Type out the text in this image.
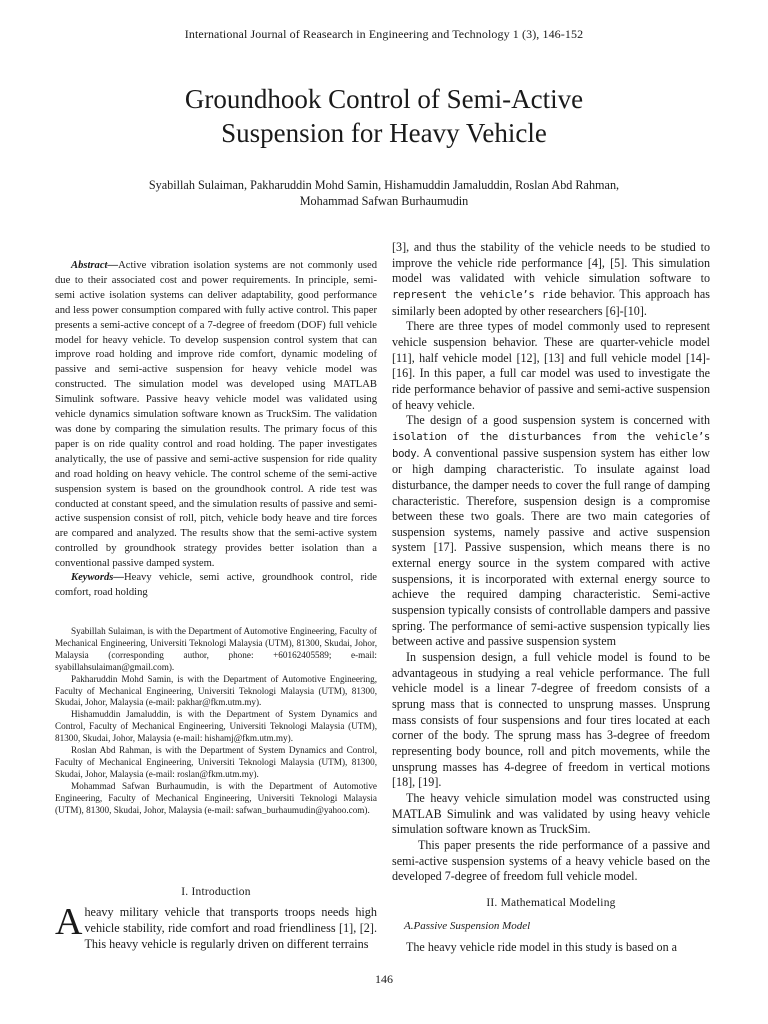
International Journal of Reasearch in Engineering and Technology 1 (3), 146-152
Groundhook Control of Semi-Active
Suspension for Heavy Vehicle
Syabillah Sulaiman, Pakharuddin Mohd Samin, Hishamuddin Jamaluddin, Roslan Abd Rahman,
Mohammad Safwan Burhaumudin

Abstract—Active vibration isolation systems are not commonly used due to their associated cost and power requirements. In principle, semi-semi active isolation systems can deliver adaptability, good performance and less power consumption compared with fully active control. This paper presents a semi-active concept of a 7-degree of freedom (DOF) full vehicle model for heavy vehicle. To develop suspension control system that can improve road holding and improve ride comfort, dynamic modeling of passive and semi-active suspension for heavy vehicle model was constructed. The simulation model was developed using MATLAB Simulink software. Passive heavy vehicle model was validated using vehicle dynamics simulation software known as TruckSim. The validation was done by comparing the simulation results. The primary focus of this paper is on ride quality control and road holding. The paper investigates analytically, the use of passive and semi-active suspension for ride quality and road holding on heavy vehicle. The control scheme of the semi-active suspension system is based on the groundhook control. A ride test was conducted at constant speed, and the simulation results of passive and semi-active suspension consist of roll, pitch, vehicle body heave and tire forces are compared and analyzed. The results show that the semi-active system controlled by groundhook strategy provides better isolation than a conventional passive damped system.

Keywords—Heavy vehicle, semi active, groundhook control, ride comfort, road holding

Syabillah Sulaiman, is with the Department of Automotive Engineering, Faculty of Mechanical Engineering, Universiti Teknologi Malaysia (UTM), 81300, Skudai, Johor, Malaysia (corresponding author, phone: +60162405589; e-mail: syabillahsulaiman@gmail.com).

Pakharuddin Mohd Samin, is with the Department of Automotive Engineering, Faculty of Mechanical Engineering, Universiti Teknologi Malaysia (UTM), 81300, Skudai, Johor, Malaysia (e-mail: pakhar@fkm.utm.my).

Hishamuddin Jamaluddin, is with the Department of System Dynamics and Control, Faculty of Mechanical Engineering, Universiti Teknologi Malaysia (UTM), 81300, Skudai, Johor, Malaysia (e-mail: hishamj@fkm.utm.my).

Roslan Abd Rahman, is with the Department of System Dynamics and Control, Faculty of Mechanical Engineering, Universiti Teknologi Malaysia (UTM), 81300, Skudai, Johor, Malaysia (e-mail: roslan@fkm.utm.my).

Mohammad Safwan Burhaumudin, is with the Department of Automotive Engineering, Faculty of Mechanical Engineering, Universiti Teknologi Malaysia (UTM), 81300, Skudai, Johor, Malaysia (e-mail: safwan_burhaumudin@yahoo.com).

I. Introduction

Aheavy military vehicle that transports troops needs high vehicle stability, ride comfort and road friendliness [1], [2]. This heavy vehicle is regularly driven on different terrains

[3], and thus the stability of the vehicle needs to be studied to improve the vehicle ride performance [4], [5]. This simulation model was validated with vehicle simulation software to represent the vehicle’s ride behavior. This approach has similarly been adopted by other researchers [6]-[10].

There are three types of model commonly used to represent vehicle suspension behavior. These are quarter-vehicle model [11], half vehicle model [12], [13] and full vehicle model [14]-[16]. In this paper, a full car model was used to investigate the ride performance behavior of passive and semi-active suspension of heavy vehicle.

The design of a good suspension system is concerned with isolation of the disturbances from the vehicle’s body. A conventional passive suspension system has either low or high damping characteristic. To insulate against load disturbance, the damper needs to cover the full range of damping characteristic. Therefore, suspension design is a compromise between these two goals. There are two main categories of suspension systems, namely passive and active suspension system [17]. Passive suspension, which means there is no external energy source in the system compared with active suspensions, it is incorporated with external energy source to achieve the required damping characteristic. Semi-active suspension typically consists of controllable dampers and passive spring. The performance of semi-active suspension typically lies between active and passive suspension system

In suspension design, a full vehicle model is found to be advantageous in studying a real vehicle performance. The full vehicle model is a linear 7-degree of freedom consists of a sprung mass that is connected to unsprung masses. Unsprung mass consists of four suspensions and four tires located at each corner of the body. The sprung mass has 3-degree of freedom representing body bounce, roll and pitch movements, while the unsprung masses has 4-degree of freedom in vertical motions [18], [19].

The heavy vehicle simulation model was constructed using MATLAB Simulink and was validated by using heavy vehicle simulation software known as TruckSim.

This paper presents the ride performance of a passive and semi-active suspension systems of a heavy vehicle based on the developed 7-degree of freedom full vehicle model.

II. Mathematical Modeling

A.Passive Suspension Model

The heavy vehicle ride model in this study is based on a

146
